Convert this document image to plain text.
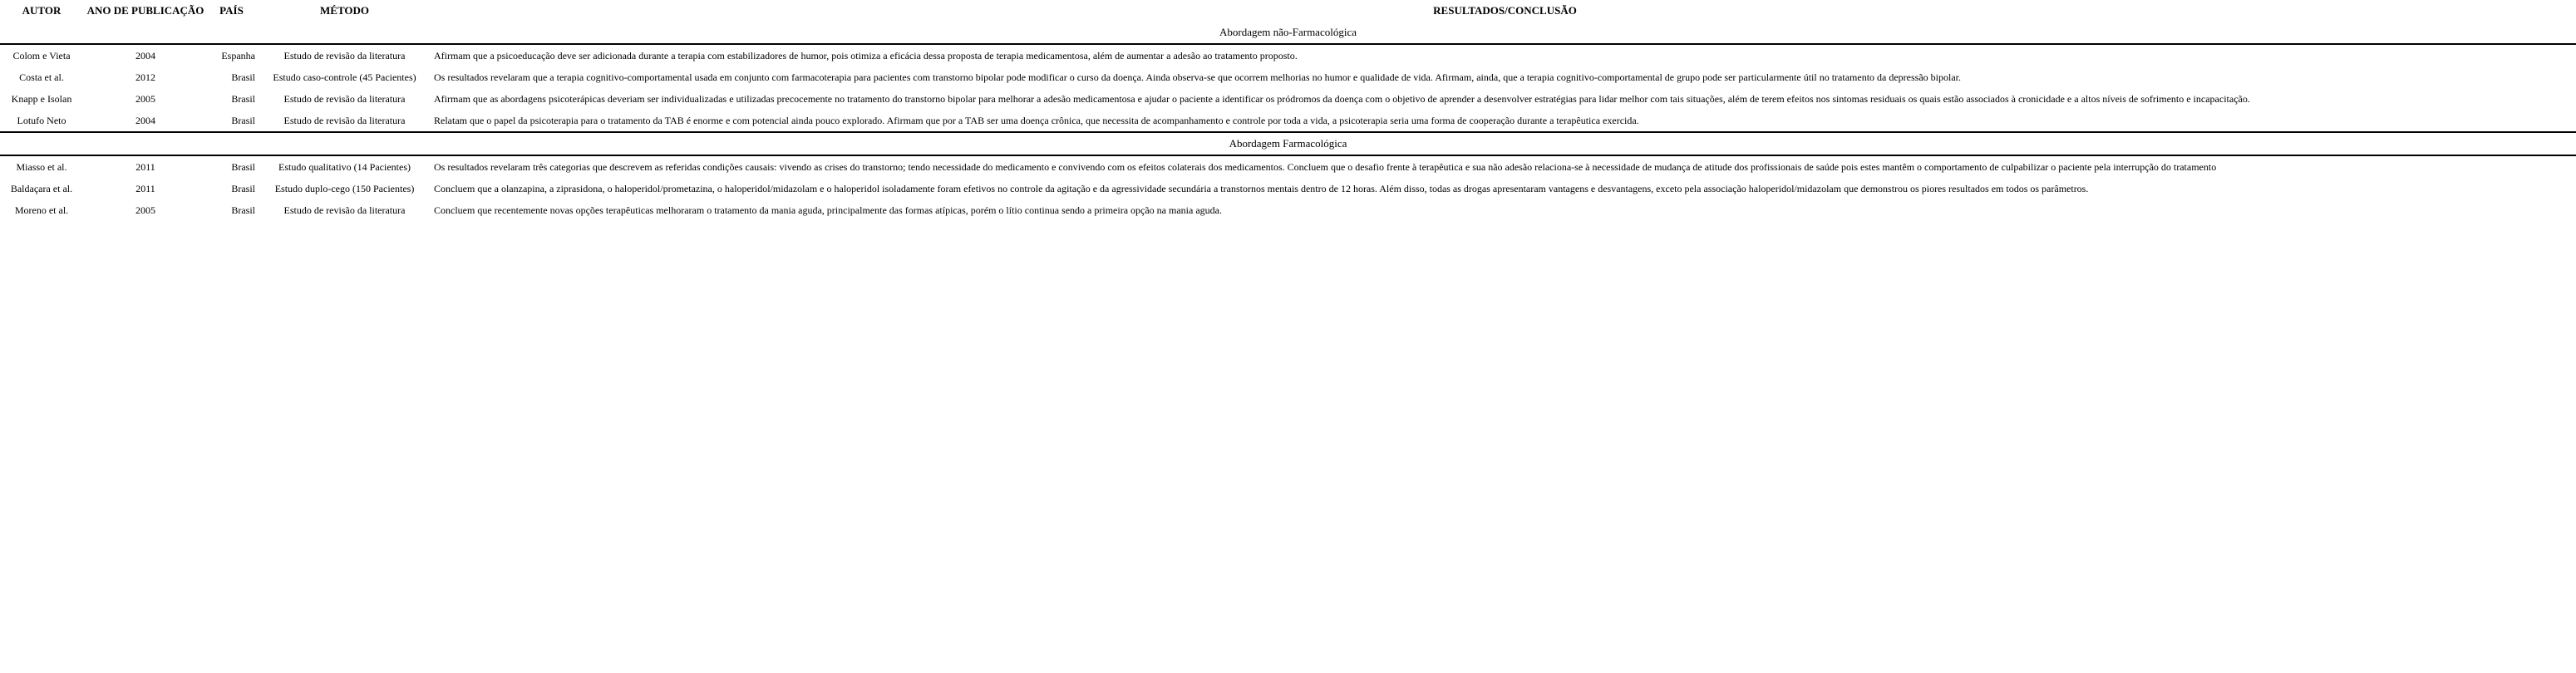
AUTOR	ANO DE PUBLICAÇÃO	PAÍS	MÉTODO	RESULTADOS/CONCLUSÃO
Abordagem não-Farmacológica				
Colom e Vieta	2004	Espanha	Estudo de revisão da literatura	Afirmam que a psicoeducação deve ser adicionada durante a terapia com estabilizadores de humor, pois otimiza a eficácia dessa proposta de terapia medicamentosa, além de aumentar a adesão ao tratamento proposto.
Costa et al.	2012	Brasil	Estudo caso-controle (45 Pacientes)	Os resultados revelaram que a terapia cognitivo-comportamental usada em conjunto com farmacoterapia para pacientes com transtorno bipolar pode modificar o curso da doença. Ainda observa-se que ocorrem melhorias no humor e qualidade de vida. Afirmam, ainda, que a terapia cognitivo-comportamental de grupo pode ser particularmente útil no tratamento da depressão bipolar.
Knapp e Isolan	2005	Brasil	Estudo de revisão da literatura	Afirmam que as abordagens psicoterápicas deveriam ser individualizadas e utilizadas precocemente no tratamento do transtorno bipolar para melhorar a adesão medicamentosa e ajudar o paciente a identificar os pródromos da doença com o objetivo de aprender a desenvolver estratégias para lidar melhor com tais situações, além de terem efeitos nos sintomas residuais os quais estão associados à cronicidade e a altos níveis de sofrimento e incapacitação.
Lotufo Neto	2004	Brasil	Estudo de revisão da literatura	Relatam que o papel da psicoterapia para o tratamento da TAB é enorme e com potencial ainda pouco explorado. Afirmam que por a TAB ser uma doença crônica, que necessita de acompanhamento e controle por toda a vida, a psicoterapia seria uma forma de cooperação durante a terapêutica exercida.
Abordagem Farmacológica				
Miasso et al.	2011	Brasil	Estudo qualitativo (14 Pacientes)	Os resultados revelaram três categorias que descrevem as referidas condições causais: vivendo as crises do transtorno; tendo necessidade do medicamento e convivendo com os efeitos colaterais dos medicamentos. Concluem que o desafio frente à terapêutica e sua não adesão relaciona-se à necessidade de mudança de atitude dos profissionais de saúde pois estes mantêm o comportamento de culpabilizar o paciente pela interrupção do tratamento
Baldaçara et al.	2011	Brasil	Estudo duplo-cego (150 Pacientes)	Concluem que a olanzapina, a ziprasidona, o haloperidol/prometazina, o haloperidol/midazolam e o haloperidol isoladamente foram efetivos no controle da agitação e da agressividade secundária a transtornos mentais dentro de 12 horas. Além disso, todas as drogas apresentaram vantagens e desvantagens, exceto pela associação haloperidol/midazolam que demonstrou os piores resultados em todos os parâmetros.
Moreno et al.	2005	Brasil	Estudo de revisão da literatura	Concluem que recentemente novas opções terapêuticas melhoraram o tratamento da mania aguda, principalmente das formas atípicas, porém o lítio continua sendo a primeira opção na mania aguda.
